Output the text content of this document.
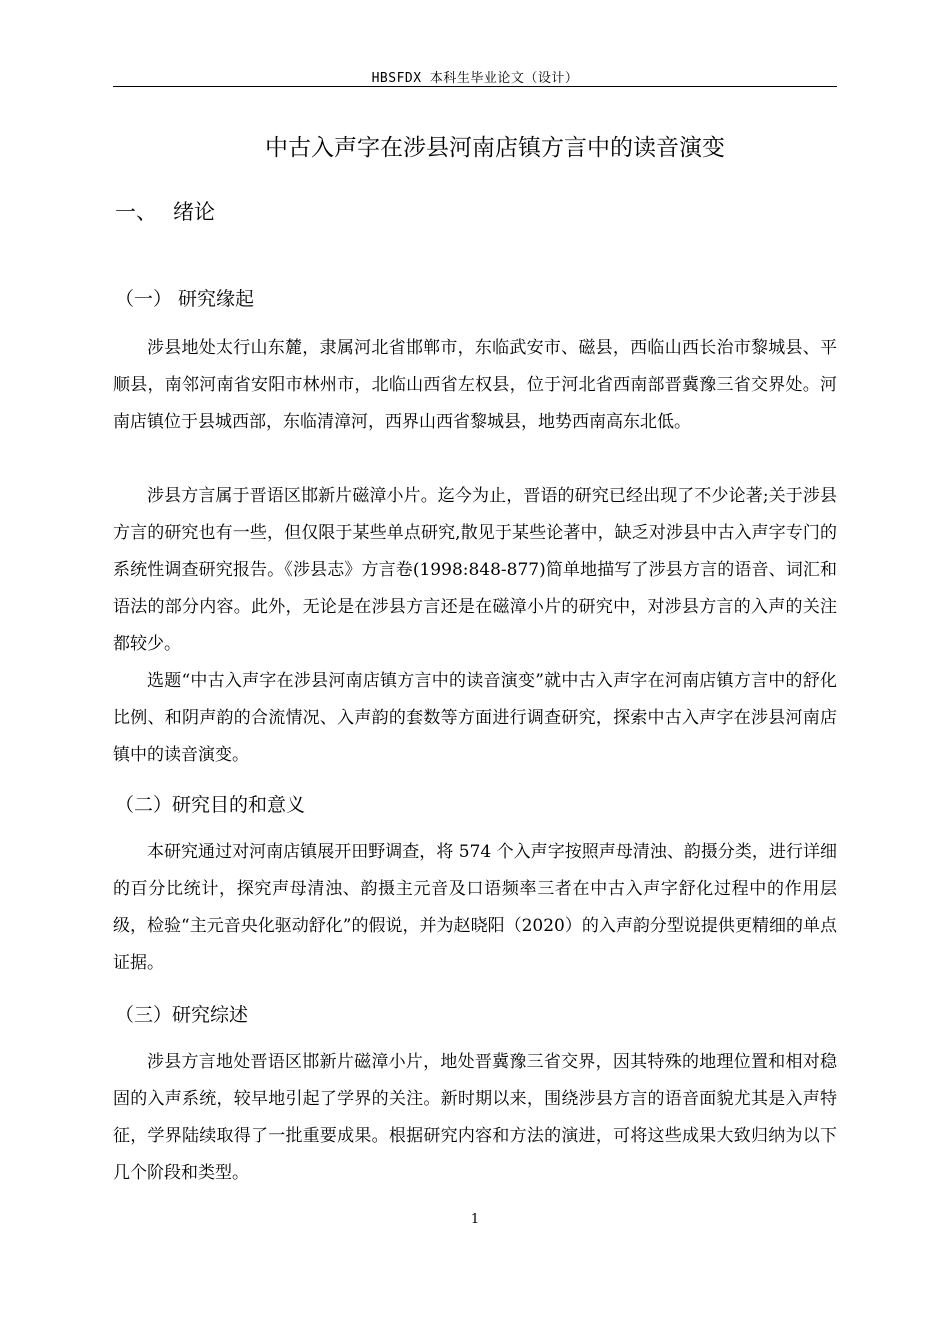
HBSFDX 本科生毕业论文（设计）
中古入声字在涉县河南店镇方言中的读音演变
一、 绪论
（一） 研究缘起

涉县地处太行山东麓，隶属河北省邯郸市，东临武安市、磁县，西临山西长治市黎城县、平顺县，南邻河南省安阳市林州市，北临山西省左权县，位于河北省西南部晋冀豫三省交界处。河南店镇位于县城西部，东临清漳河，西界山西省黎城县，地势西南高东北低。

涉县方言属于晋语区邯新片磁漳小片。迄今为止，晋语的研究已经出现了不少论著;关于涉县方言的研究也有一些，但仅限于某些单点研究,散见于某些论著中，缺乏对涉县中古入声字专门的系统性调查研究报告。《涉县志》方言卷(1998:848-877)简单地描写了涉县方言的语音、词汇和语法的部分内容。此外，无论是在涉县方言还是在磁漳小片的研究中，对涉县方言的入声的关注都较少。

选题“中古入声字在涉县河南店镇方言中的读音演变”就中古入声字在河南店镇方言中的舒化比例、和阴声韵的合流情况、入声韵的套数等方面进行调查研究，探索中古入声字在涉县河南店镇中的读音演变。

（二）研究目的和意义

本研究通过对河南店镇展开田野调查，将 574 个入声字按照声母清浊、韵摄分类，进行详细的百分比统计，探究声母清浊、韵摄主元音及口语频率三者在中古入声字舒化过程中的作用层级，检验“主元音央化驱动舒化”的假说，并为赵晓阳（2020）的入声韵分型说提供更精细的单点证据。

（三）研究综述

涉县方言地处晋语区邯新片磁漳小片，地处晋冀豫三省交界，因其特殊的地理位置和相对稳固的入声系统，较早地引起了学界的关注。新时期以来，围绕涉县方言的语音面貌尤其是入声特征，学界陆续取得了一批重要成果。根据研究内容和方法的演进，可将这些成果大致归纳为以下几个阶段和类型。

1
